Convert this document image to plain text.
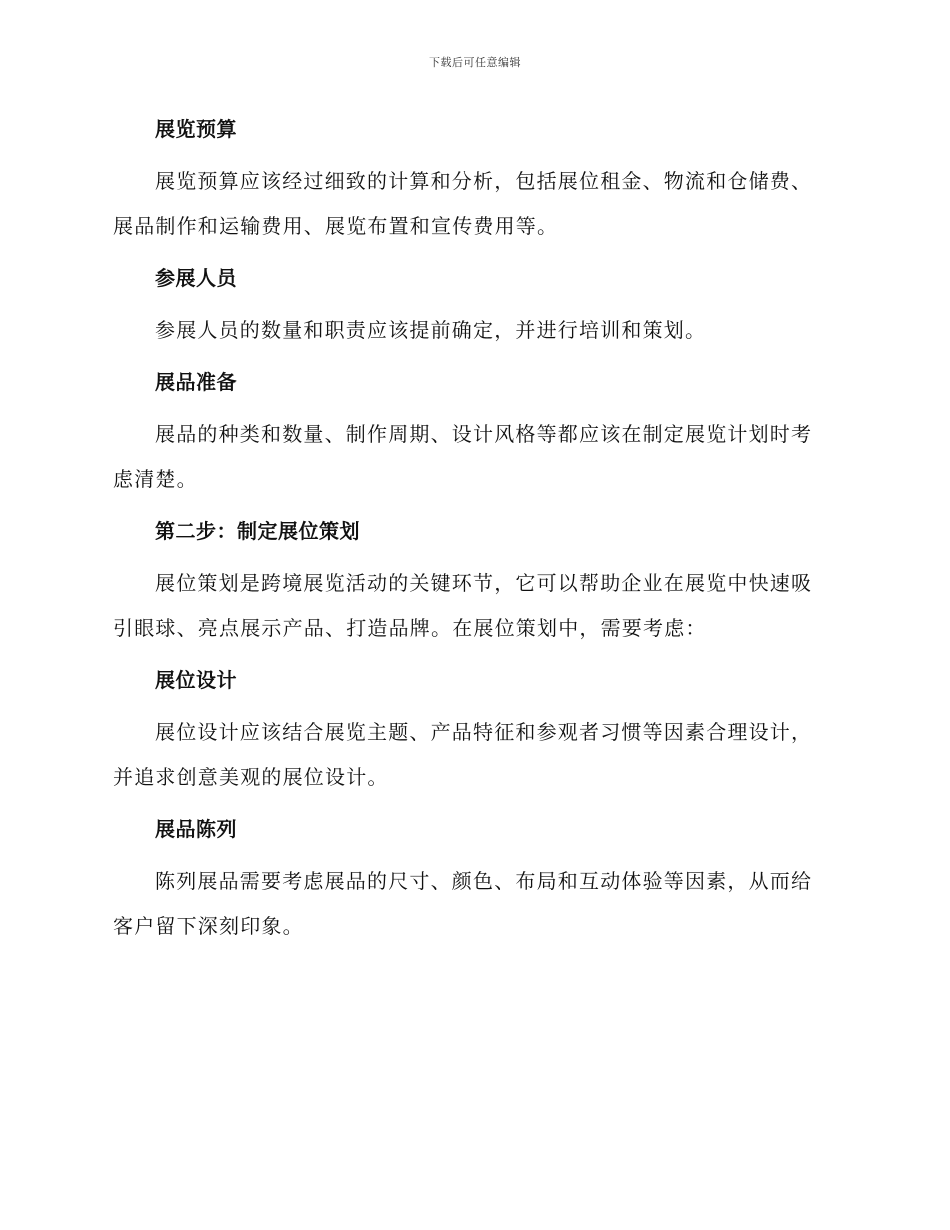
下载后可任意编辑
展览预算

展览预算应该经过细致的计算和分析，包括展位租金、物流和仓储费、
展品制作和运输费用、展览布置和宣传费用等。

参展人员

参展人员的数量和职责应该提前确定，并进行培训和策划。

展品准备

展品的种类和数量、制作周期、设计风格等都应该在制定展览计划时考
虑清楚。

第二步：制定展位策划

展位策划是跨境展览活动的关键环节，它可以帮助企业在展览中快速吸
引眼球、亮点展示产品、打造品牌。在展位策划中，需要考虑：

展位设计

展位设计应该结合展览主题、产品特征和参观者习惯等因素合理设计，
并追求创意美观的展位设计。

展品陈列

陈列展品需要考虑展品的尺寸、颜色、布局和互动体验等因素，从而给
客户留下深刻印象。
